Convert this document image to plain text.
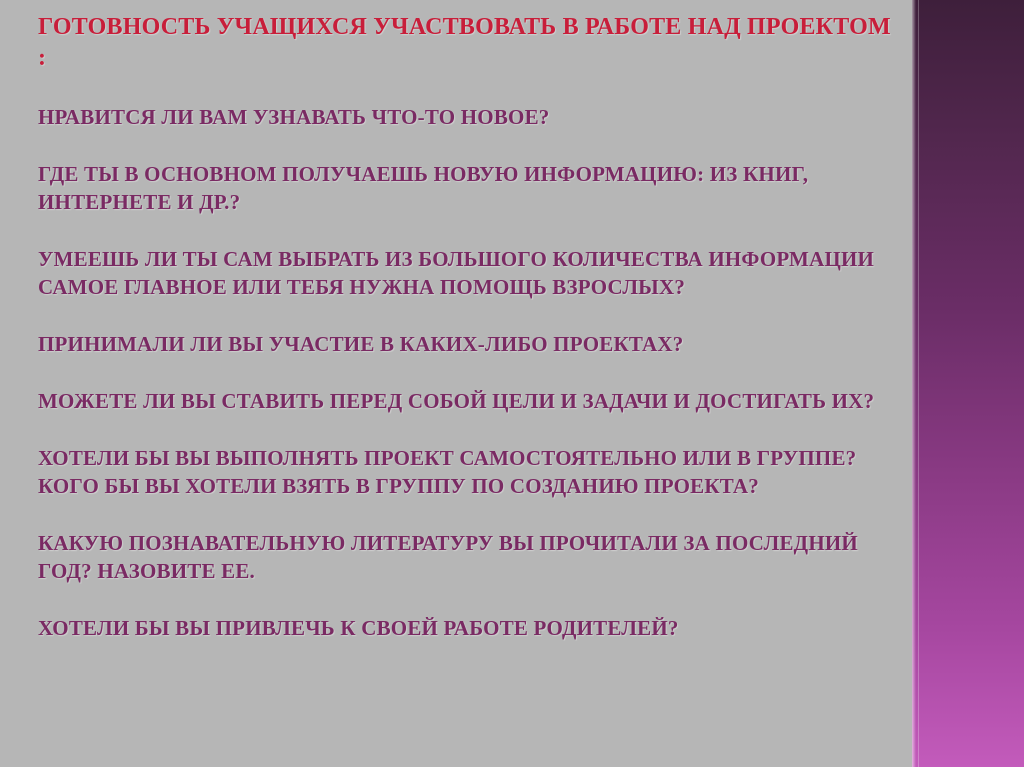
ГОТОВНОСТЬ УЧАЩИХСЯ УЧАСТВОВАТЬ В РАБОТЕ НАД ПРОЕКТОМ :
НРАВИТСЯ ЛИ ВАМ УЗНАВАТЬ ЧТО-ТО НОВОЕ?
ГДЕ ТЫ В ОСНОВНОМ ПОЛУЧАЕШЬ НОВУЮ ИНФОРМАЦИЮ: ИЗ КНИГ, ИНТЕРНЕТЕ И ДР.?
УМЕЕШЬ ЛИ ТЫ САМ ВЫБРАТЬ ИЗ БОЛЬШОГО КОЛИЧЕСТВА ИНФОРМАЦИИ САМОЕ ГЛАВНОЕ ИЛИ ТЕБЯ НУЖНА ПОМОЩЬ ВЗРОСЛЫХ?
ПРИНИМАЛИ ЛИ ВЫ УЧАСТИЕ В КАКИХ-ЛИБО ПРОЕКТАХ?
МОЖЕТЕ ЛИ ВЫ СТАВИТЬ ПЕРЕД СОБОЙ ЦЕЛИ И ЗАДАЧИ И ДОСТИГАТЬ ИХ?
ХОТЕЛИ БЫ ВЫ ВЫПОЛНЯТЬ ПРОЕКТ САМОСТОЯТЕЛЬНО ИЛИ В ГРУППЕ? КОГО БЫ ВЫ ХОТЕЛИ ВЗЯТЬ В ГРУППУ ПО СОЗДАНИЮ ПРОЕКТА?
КАКУЮ ПОЗНАВАТЕЛЬНУЮ ЛИТЕРАТУРУ ВЫ ПРОЧИТАЛИ ЗА ПОСЛЕДНИЙ ГОД? НАЗОВИТЕ ЕЕ.
ХОТЕЛИ БЫ ВЫ ПРИВЛЕЧЬ К СВОЕЙ РАБОТЕ РОДИТЕЛЕЙ?
